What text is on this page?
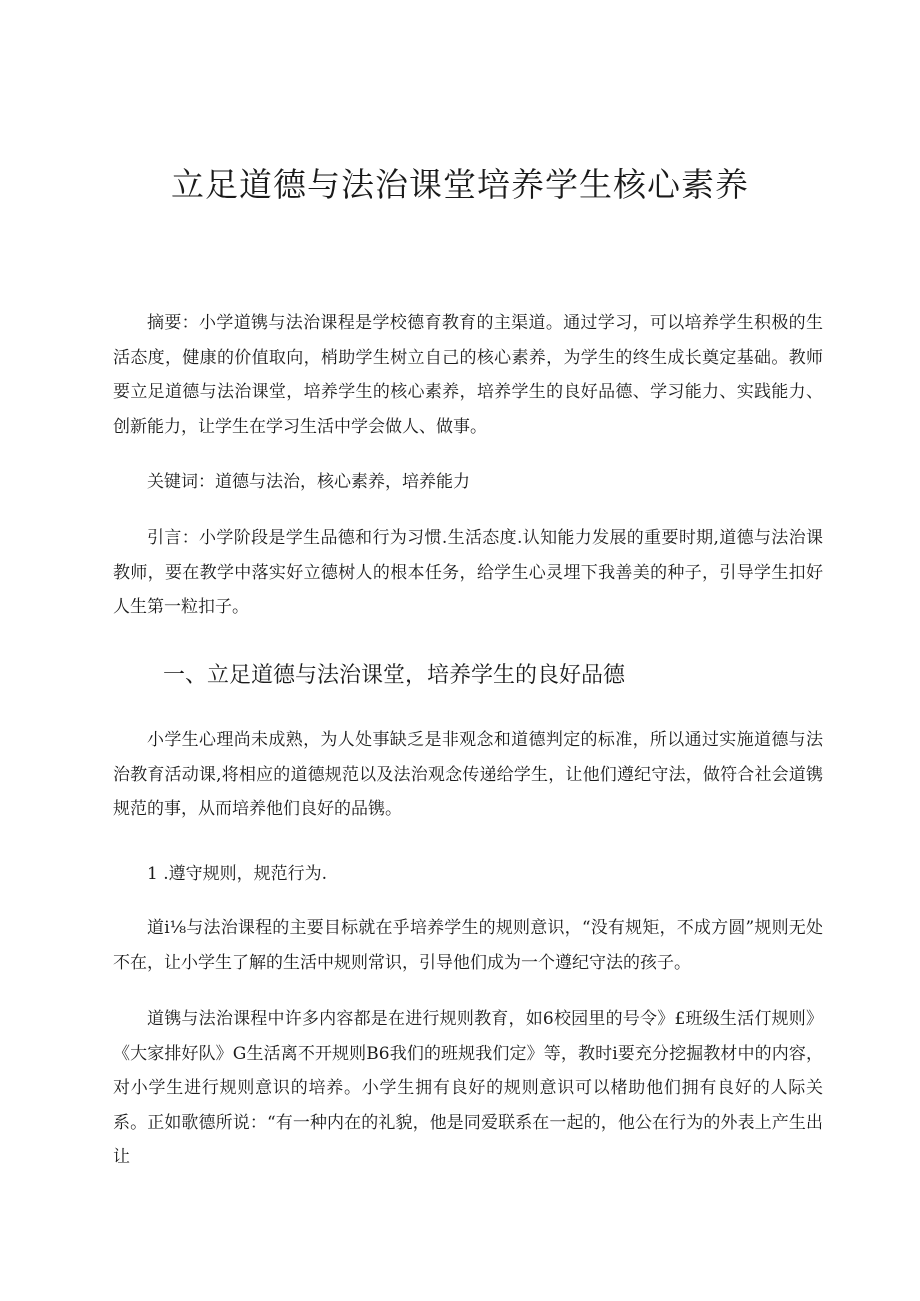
立足道德与法治课堂培养学生核心素养

摘要：小学道镌与法治课程是学校德育教育的主渠道。通过学习，可以培养学生积极的生活态度，健康的价值取向，梢助学生树立自己的核心素养，为学生的终生成长奠定基础。教师要立足道德与法治课堂，培养学生的核心素养，培养学生的良好品德、学习能力、实践能力、创新能力，让学生在学习生活中学会做人、做事。

关键词：道德与法治，核心素养，培养能力

引言：小学阶段是学生品德和行为习惯.生活态度.认知能力发展的重要时期,道德与法治课教师，要在教学中落实好立德树人的根本任务，给学生心灵埋下我善美的种子，引导学生扣好人生第一粒扣子。

一、立足道德与法治课堂，培养学生的良好品德

小学生心理尚未成熟，为人处事缺乏是非观念和道德判定的标准，所以通过实施道德与法治教育活动课,将相应的道德规范以及法治观念传递给学生，让他们遵纪守法，做符合社会道镌规范的事，从而培养他们良好的品镌。

1 .遵守规则，规范行为.

道i⅛与法治课程的主要目标就在乎培养学生的规则意识，“没有规矩，不成方圆”规则无处不在，让小学生了解的生活中规则常识，引导他们成为一个遵纪守法的孩子。

道镌与法治课程中许多内容都是在进行规则教育，如6校园里的号令》£班级生活仃规则》《大家排好队》G生活离不开规则B6我们的班规我们定》等，教时i要充分挖掘教材中的内容，对小学生进行规则意识的培养。小学生拥有良好的规则意识可以楮助他们拥有良好的人际关系。正如歌德所说：“有一种内在的礼貌，他是同爱联系在一起的，他公在行为的外表上产生出让
